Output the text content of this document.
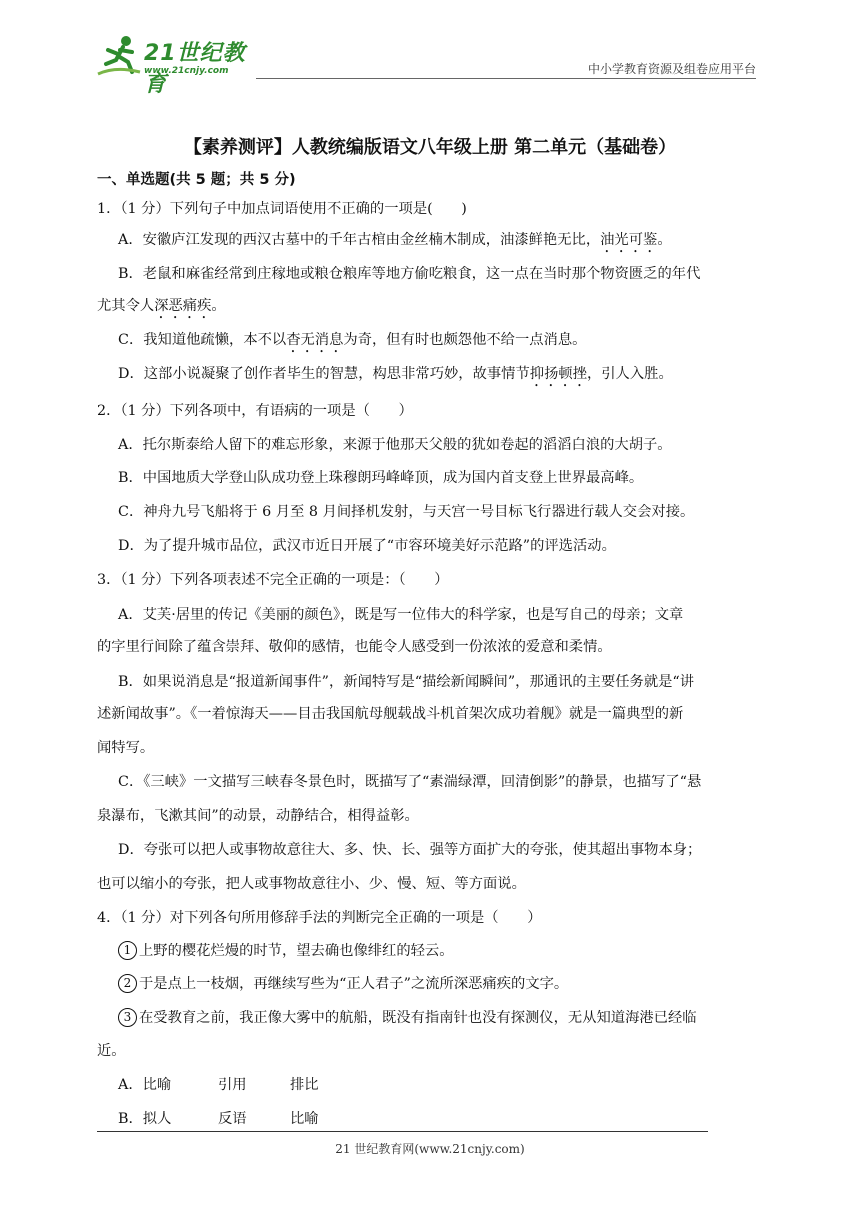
21世纪教育
www.21cnjy.com	中小学教育资源及组卷应用平台
【素养测评】人教统编版语文八年级上册 第二单元（基础卷）
一、单选题(共 5 题；共 5 分)
1．（1 分）下列句子中加点词语使用不正确的一项是(　　)
A．安徽庐江发现的西汉古墓中的千年古棺由金丝楠木制成，油漆鲜艳无比，油光可鉴。
B．老鼠和麻雀经常到庄稼地或粮仓粮库等地方偷吃粮食，这一点在当时那个物资匮乏的年代
尤其令人深恶痛疾。
C．我知道他疏懒，本不以杳无消息为奇，但有时也颇怨他不给一点消息。
D．这部小说凝聚了创作者毕生的智慧，构思非常巧妙，故事情节抑扬顿挫，引人入胜。
2．（1 分）下列各项中，有语病的一项是（　　）
A．托尔斯泰给人留下的难忘形象，来源于他那天父般的犹如卷起的滔滔白浪的大胡子。
B．中国地质大学登山队成功登上珠穆朗玛峰峰顶，成为国内首支登上世界最高峰。
C．神舟九号飞船将于 6 月至 8 月间择机发射，与天宫一号目标飞行器进行载人交会对接。
D．为了提升城市品位，武汉市近日开展了“市容环境美好示范路”的评选活动。
3．（1 分）下列各项表述不完全正确的一项是：（　　）
A．艾芙·居里的传记《美丽的颜色》，既是写一位伟大的科学家，也是写自己的母亲；文章
的字里行间除了蕴含崇拜、敬仰的感情，也能令人感受到一份浓浓的爱意和柔情。
B．如果说消息是“报道新闻事件”，新闻特写是“描绘新闻瞬间”，那通讯的主要任务就是“讲
述新闻故事”。《一着惊海天——目击我国航母舰载战斗机首架次成功着舰》就是一篇典型的新
闻特写。
C．《三峡》一文描写三峡春冬景色时，既描写了“素湍绿潭，回清倒影”的静景，也描写了“悬
泉瀑布，飞漱其间”的动景，动静结合，相得益彰。
D．夸张可以把人或事物故意往大、多、快、长、强等方面扩大的夸张，使其超出事物本身；
也可以缩小的夸张，把人或事物故意往小、少、慢、短、等方面说。
4．（1 分）对下列各句所用修辞手法的判断完全正确的一项是（　　）
1 上野的樱花烂熳的时节，望去确也像绯红的轻云。
2 于是点上一枝烟，再继续写些为“正人君子”之流所深恶痛疾的文字。
3 在受教育之前，我正像大雾中的航船，既没有指南针也没有探测仪，无从知道海港已经临
近。
A．比喻	引用	排比
B．拟人	反语	比喻
21 世纪教育网(www.21cnjy.com)
